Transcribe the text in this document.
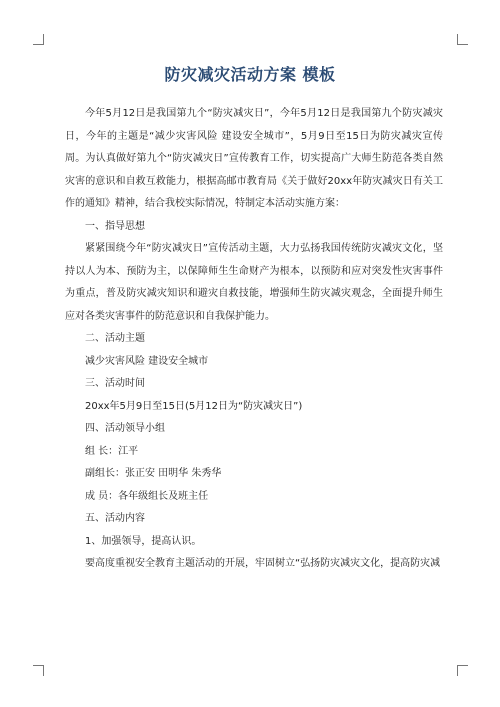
防灾减灾活动方案 模板

今年5月12日是我国第九个“防灾减灾日”，今年5月12日是我国第九个防灾减灾日，今年的主题是“减少灾害风险 建设安全城市”，5月9日至15日为防灾减灾宣传周。为认真做好第九个“防灾减灾日”宣传教育工作，切实提高广大师生防范各类自然灾害的意识和自救互救能力，根据高邮市教育局《关于做好20xx年防灾减灾日有关工作的通知》精神，结合我校实际情况，特制定本活动实施方案：

一、指导思想

紧紧围绕今年“防灾减灾日”宣传活动主题，大力弘扬我国传统防灾减灾文化，坚持以人为本、预防为主，以保障师生生命财产为根本，以预防和应对突发性灾害事件为重点，普及防灾减灾知识和避灾自救技能，增强师生防灾减灾观念，全面提升师生应对各类灾害事件的防范意识和自我保护能力。

二、活动主题

减少灾害风险 建设安全城市

三、活动时间

20xx年5月9日至15日(5月12日为“防灾减灾日”)

四、活动领导小组

组 长：江平

副组长：张正安 田明华 朱秀华

成 员：各年级组长及班主任

五、活动内容

1、加强领导，提高认识。

要高度重视安全教育主题活动的开展，牢固树立“弘扬防灾减灾文化，提高防灾减
